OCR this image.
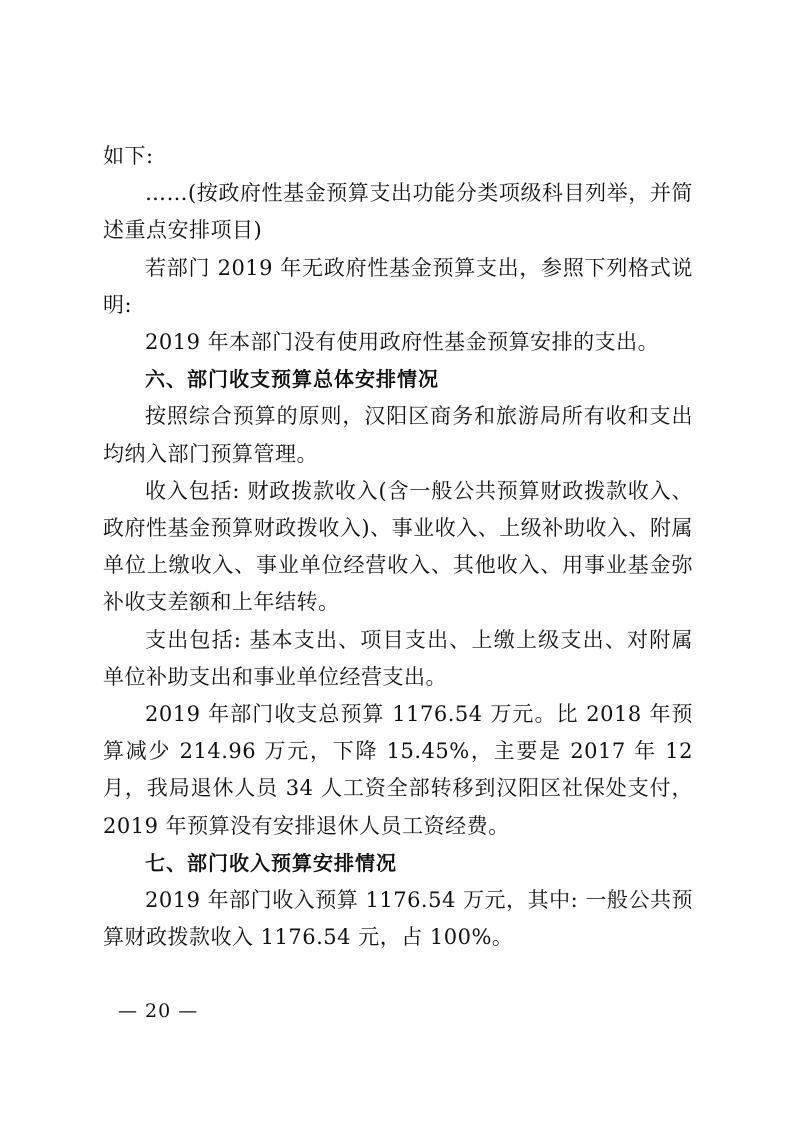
如下:

……(按政府性基金预算支出功能分类项级科目列举，并简述重点安排项目)

若部门 2019 年无政府性基金预算支出，参照下列格式说明:

2019 年本部门没有使用政府性基金预算安排的支出。

六、部门收支预算总体安排情况

按照综合预算的原则，汉阳区商务和旅游局所有收和支出均纳入部门预算管理。

收入包括: 财政拨款收入(含一般公共预算财政拨款收入、政府性基金预算财政拨收入)、事业收入、上级补助收入、附属单位上缴收入、事业单位经营收入、其他收入、用事业基金弥补收支差额和上年结转。

支出包括: 基本支出、项目支出、上缴上级支出、对附属单位补助支出和事业单位经营支出。

2019 年部门收支总预算 1176.54 万元。比 2018 年预算减少 214.96 万元，下降 15.45%，主要是 2017 年 12 月，我局退休人员 34 人工资全部转移到汉阳区社保处支付，2019 年预算没有安排退休人员工资经费。

七、部门收入预算安排情况

2019 年部门收入预算 1176.54 万元，其中: 一般公共预算财政拨款收入 1176.54 元，占 100%。

— 20 —
